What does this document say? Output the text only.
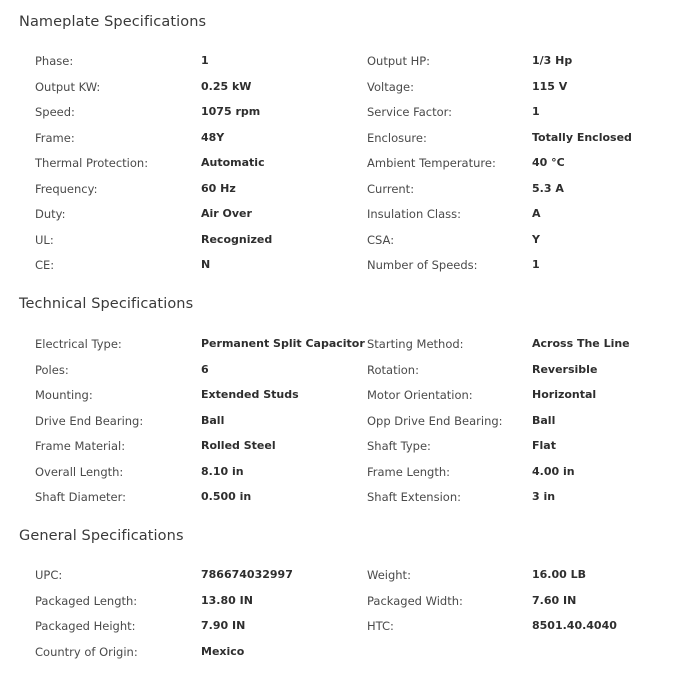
Nameplate Specifications
Phase:	1	Output HP:	1/3 Hp
Output KW:	0.25 kW	Voltage:	115 V
Speed:	1075 rpm	Service Factor:	1
Frame:	48Y	Enclosure:	Totally Enclosed
Thermal Protection:	Automatic	Ambient Temperature:	40 °C
Frequency:	60 Hz	Current:	5.3 A
Duty:	Air Over	Insulation Class:	A
UL:	Recognized	CSA:	Y
CE:	N	Number of Speeds:	1
Technical Specifications
Electrical Type:	Permanent Split Capacitor Starting Method:	Across The Line
Poles:	6	Rotation:	Reversible
Mounting:	Extended Studs	Motor Orientation:	Horizontal
Drive End Bearing:	Ball	Opp Drive End Bearing:	Ball
Frame Material:	Rolled Steel	Shaft Type:	Flat
Overall Length:	8.10 in	Frame Length:	4.00 in
Shaft Diameter:	0.500 in	Shaft Extension:	3 in
General Specifications
UPC:	786674032997	Weight:	16.00 LB
Packaged Length:	13.80 IN	Packaged Width:	7.60 IN
Packaged Height:	7.90 IN	HTC:	8501.40.4040
Country of Origin:	Mexico
